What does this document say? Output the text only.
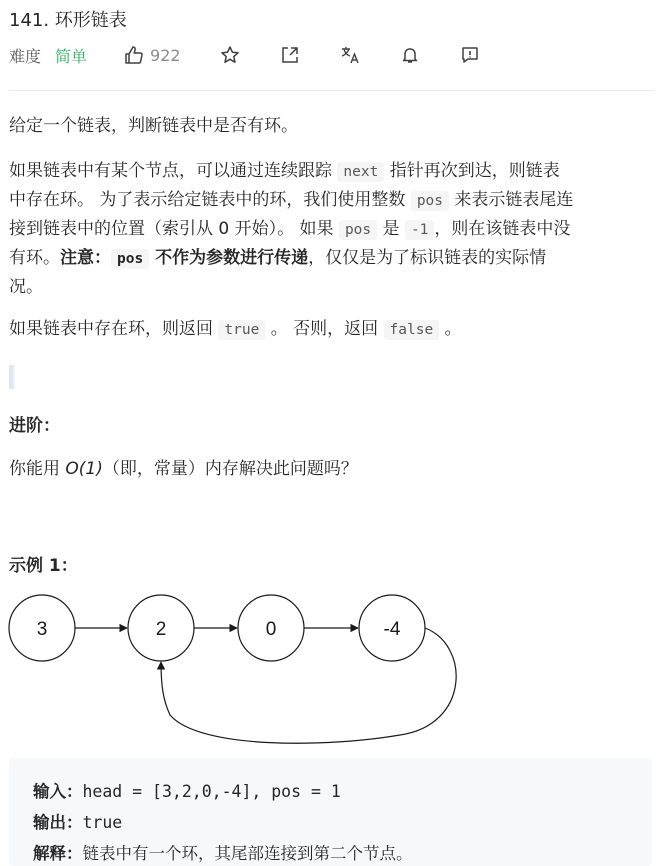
141. 环形链表
难度 简单	922
给定一个链表，判断链表中是否有环。
如果链表中有某个节点，可以通过连续跟踪 next 指针再次到达，则链表
中存在环。 为了表示给定链表中的环，我们使用整数 pos 来表示链表尾连
接到链表中的位置（索引从 0 开始）。 如果 pos 是 -1 ，则在该链表中没
有环。注意： pos 不作为参数进行传递，仅仅是为了标识链表的实际情
况。
如果链表中存在环，则返回 true 。 否则，返回 false 。
进阶：
你能用 O(1)（即，常量）内存解决此问题吗？
示例 1：
3	2	0	-4
输入：head = [3,2,0,-4], pos = 1
输出：true
解释：链表中有一个环，其尾部连接到第二个节点。
